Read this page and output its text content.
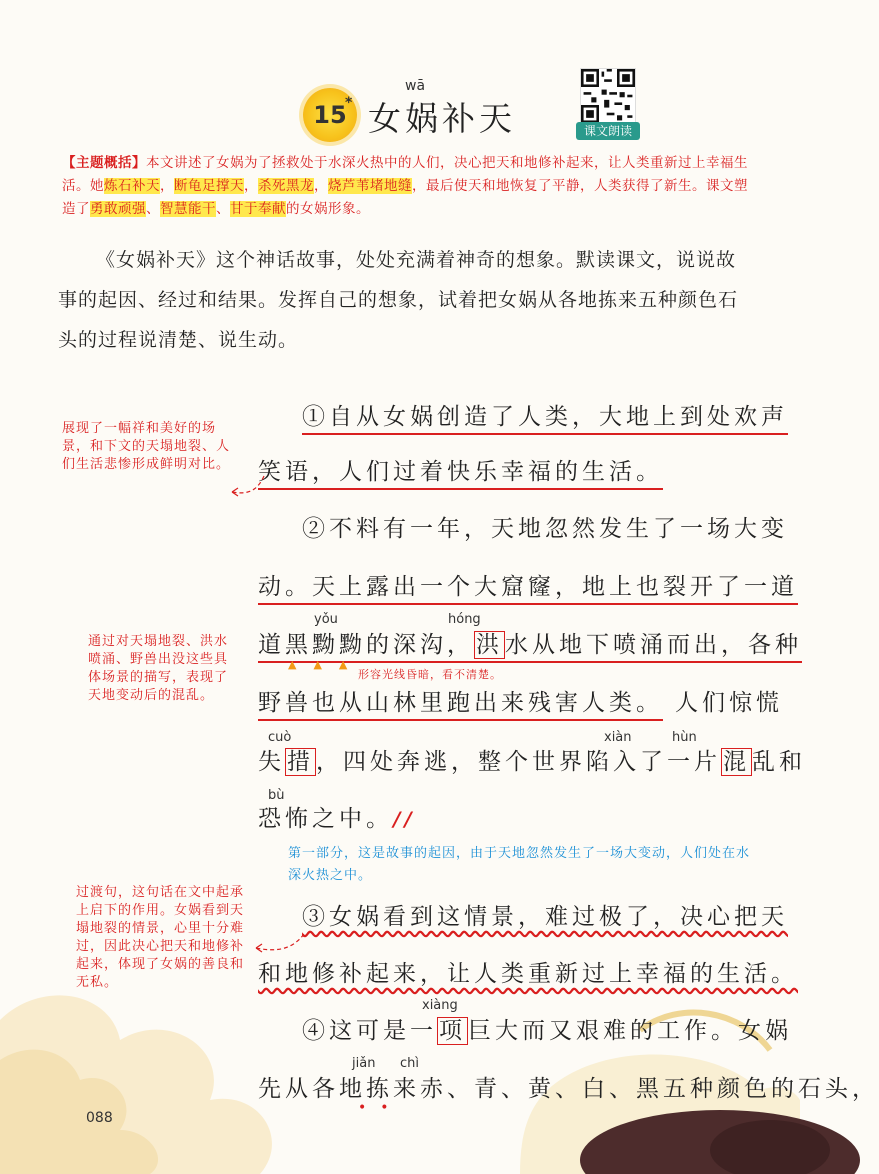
15
*
wā
女娲补天	课文朗读
【主题概括】本文讲述了女娲为了拯救处于水深火热中的人们，决心把天和地修补起来，让人类重新过上幸福生活。她炼石补天，断龟足撑天，杀死黑龙，烧芦苇堵地缝，最后使天和地恢复了平静，人类获得了新生。课文塑造了勇敢顽强、智慧能干、甘于奉献的女娲形象。
《女娲补天》这个神话故事，处处充满着神奇的想象。默读课文，说说故事的起因、经过和结果。发挥自己的想象，试着把女娲从各地拣来五种颜色石头的过程说清楚、说生动。
①自从女娲创造了人类，大地上到处欢声
笑语，人们过着快乐幸福的生活。
展现了一幅祥和美好的场景，和下文的天塌地裂、人们生活悲惨形成鲜明对比。
②不料有一年，天地忽然发生了一场大变
动。天上露出一个大窟窿，地上也裂开了一道
yǒu	hóng
道黑黝黝的深沟，洪水从地下喷涌而出，各种
▲▲▲
形容光线昏暗，看不清楚。
野兽也从山林里跑出来残害人类。 人们惊慌
cuò	xiàn	hùn
失措，四处奔逃，整个世界陷入了一片混乱和
bù
恐怖之中。//
通过对天塌地裂、洪水喷涌、野兽出没这些具体场景的描写，表现了天地变动后的混乱。
第一部分，这是故事的起因，由于天地忽然发生了一场大变动，人们处在水深火热之中。
③女娲看到这情景，难过极了，决心把天
和地修补起来，让人类重新过上幸福的生活。
过渡句，这句话在文中起承上启下的作用。女娲看到天塌地裂的情景，心里十分难过，因此决心把天和地修补起来，体现了女娲的善良和无私。
xiàng
④这可是一项巨大而又艰难的工作。女娲
jiǎn chì
先从各地拣来赤、青、黄、白、黑五种颜色的石头，
••
088
